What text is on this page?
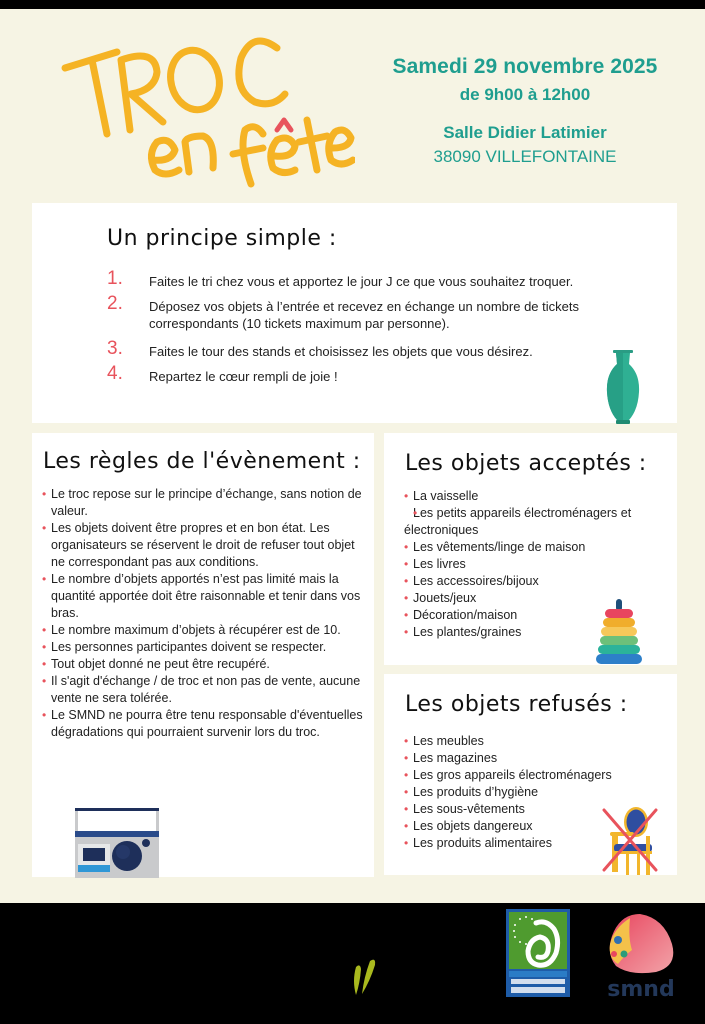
Samedi 29 novembre 2025
de 9h00 à 12h00
Salle Didier Latimier
38090 VILLEFONTAINE
Un principe simple :
1.	Faites le tri chez vous et apportez le jour J ce que vous souhaitez troquer.
2.	Déposez vos objets à l’entrée et recevez en échange un nombre de tickets correspondants (10 tickets maximum par personne).
3.	Faites le tour des stands et choisissez les objets que vous désirez.
4.	Repartez le cœur rempli de joie !
Les règles de l'évènement :
• Le troc repose sur le principe d’échange, sans notion de valeur.
• Les objets doivent être propres et en bon état. Les organisateurs se réservent le droit de refuser tout objet ne correspondant pas aux conditions.
• Le nombre d’objets apportés n’est pas limité mais la quantité apportée doit être raisonnable et tenir dans vos bras.
• Le nombre maximum d’objets à récupérer est de 10.
• Les personnes participantes doivent se respecter.
• Tout objet donné ne peut être recupéré.
• Il s'agit d'échange / de troc et non pas de vente, aucune vente ne sera tolérée.
• Le SMND ne pourra être tenu responsable d'éventuelles dégradations qui pourraient survenir lors du troc.
Les objets acceptés :
• La vaisselle
• Les petits appareils électroménagers et électroniques
• Les vêtements/linge de maison
• Les livres
• Les accessoires/bijoux
• Jouets/jeux
• Décoration/maison
• Les plantes/graines
Les objets refusés :
• Les meubles
• Les magazines
• Les gros appareils électroménagers
• Les produits d’hygiène
• Les sous-vêtements
• Les objets dangereux
• Les produits alimentaires
smnd
